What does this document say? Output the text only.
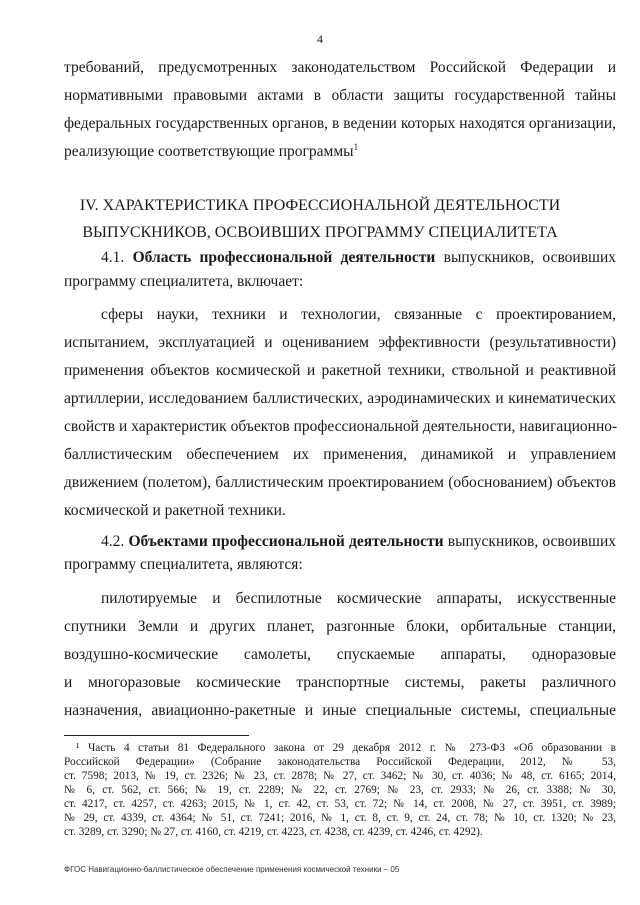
4
требований, предусмотренных законодательством Российской Федерации и
нормативными правовыми актами в области защиты государственной тайны
федеральных государственных органов, в ведении которых находятся организации,
реализующие соответствующие программы$^1$
IV. ХАРАКТЕРИСТИКА ПРОФЕССИОНАЛЬНОЙ ДЕЯТЕЛЬНОСТИ
ВЫПУСКНИКОВ, ОСВОИВШИХ ПРОГРАММУ СПЕЦИАЛИТЕТА
4.1. Область профессиональной деятельности выпускников, освоивших
программу специалитета, включает:
сферы науки, техники и технологии, связанные с проектированием,
испытанием, эксплуатацией и оцениванием эффективности (результативности)
применения объектов космической и ракетной техники, ствольной и реактивной
артиллерии, исследованием баллистических, аэродинамических и кинематических
свойств и характеристик объектов профессиональной деятельности, навигационно-
баллистическим обеспечением их применения, динамикой и управлением
движением (полетом), баллистическим проектированием (обоснованием) объектов
космической и ракетной техники.
4.2. Объектами профессиональной деятельности выпускников, освоивших
программу специалитета, являются:
пилотируемые и беспилотные космические аппараты, искусственные
спутники Земли и других планет, разгонные блоки, орбитальные станции,
воздушно-космические самолеты, спускаемые аппараты, одноразовые
и многоразовые космические транспортные системы, ракеты различного
назначения, авиационно-ракетные и иные специальные системы, специальные
¹ Часть 4 статьи 81 Федерального закона от 29 декабря 2012 г. № 273-ФЗ «Об образовании в
Российской Федерации» (Собрание законодательства Российской Федерации, 2012, № 53,
ст. 7598; 2013, № 19, ст. 2326; № 23, ст. 2878; № 27, ст. 3462; № 30, ст. 4036; № 48, ст. 6165; 2014,
№ 6, ст. 562, ст. 566; № 19, ст. 2289; № 22, ст. 2769; № 23, ст. 2933; № 26, ст. 3388; № 30,
ст. 4217, ст. 4257, ст. 4263; 2015, № 1, ст. 42, ст. 53, ст. 72; № 14, ст. 2008, № 27, ст. 3951, ст. 3989;
№ 29, ст. 4339, ст. 4364; № 51, ст. 7241; 2016, № 1, ст. 8, ст. 9, ст. 24, ст. 78; № 10, ст. 1320; № 23,
ст. 3289, ст. 3290; № 27, ст. 4160, ст. 4219, ст. 4223, ст. 4238, ст. 4239, ст. 4246, ст. 4292).
ФГОС Навигационно-баллистическое обеспечение применения космической техники – 05
